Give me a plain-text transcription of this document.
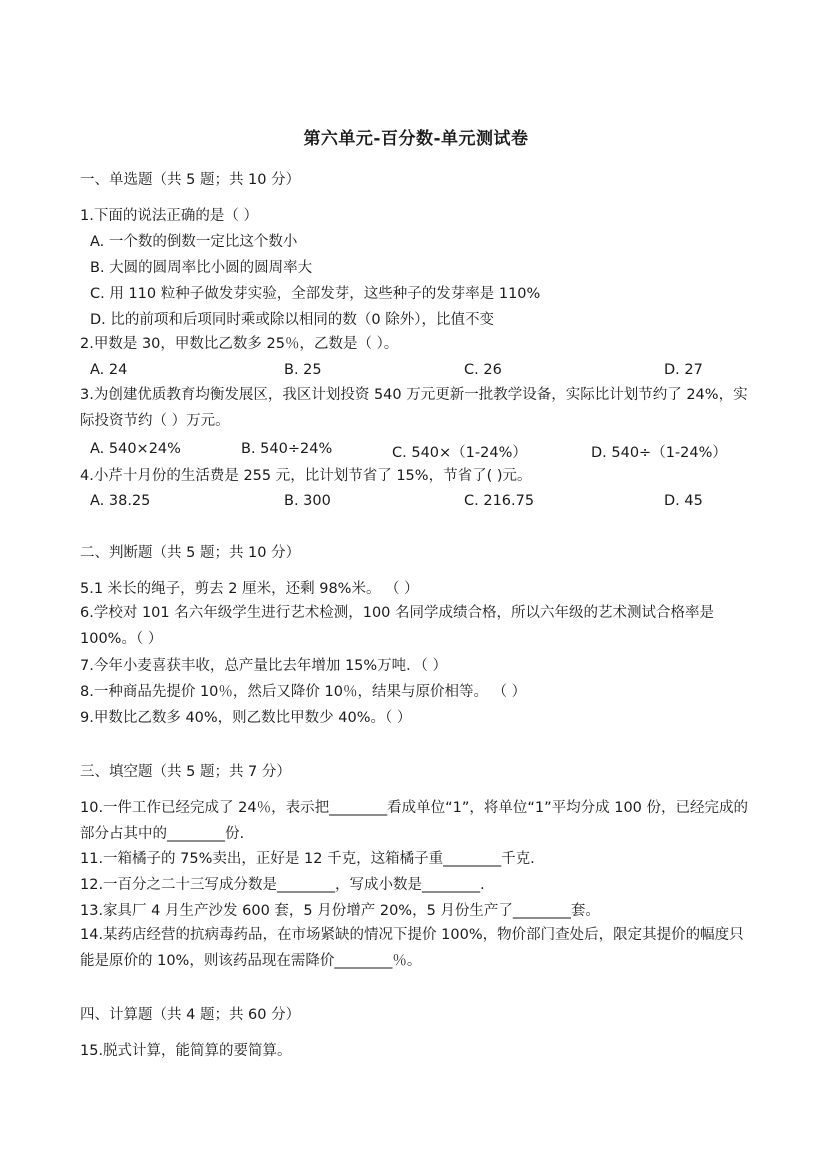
第六单元-百分数-单元测试卷
一、单选题（共 5 题；共 10 分）
1.下面的说法正确的是（ ）
A. 一个数的倒数一定比这个数小
B. 大圆的圆周率比小圆的圆周率大
C. 用 110 粒种子做发芽实验，全部发芽，这些种子的发芽率是 110%
D. 比的前项和后项同时乘或除以相同的数（0 除外），比值不变
2.甲数是 30，甲数比乙数多 25％，乙数是（ ）。
A. 24	B. 25	C. 26	D. 27
3.为创建优质教育均衡发展区，我区计划投资 540 万元更新一批教学设备，实际比计划节约了 24%，实际投资节约（ ）万元。
A. 540×24%	B. 540÷24%	C. 540×（1-24%）	D. 540÷（1-24%）
4.小芹十月份的生活费是 255 元，比计划节省了 15%，节省了( )元。
A. 38.25	B. 300	C. 216.75	D. 45
二、判断题（共 5 题；共 10 分）
5.1 米长的绳子，剪去 2 厘米，还剩 98%米。 （ ）
6.学校对 101 名六年级学生进行艺术检测，100 名同学成绩合格，所以六年级的艺术测试合格率是 100%。（ ）
7.今年小麦喜获丰收，总产量比去年增加 15%万吨．（ ）
8.一种商品先提价 10％，然后又降价 10％，结果与原价相等。 （ ）
9.甲数比乙数多 40%，则乙数比甲数少 40%。（ ）
三、填空题（共 5 题；共 7 分）
10.一件工作已经完成了 24％，表示把________看成单位“1”，将单位“1”平均分成 100 份，已经完成的部分占其中的________份.
11.一箱橘子的 75%卖出，正好是 12 千克，这箱橘子重________千克.
12.一百分之二十三写成分数是________，写成小数是________.
13.家具厂 4 月生产沙发 600 套，5 月份增产 20%，5 月份生产了________套。
14.某药店经营的抗病毒药品，在市场紧缺的情况下提价 100%，物价部门查处后，限定其提价的幅度只能是原价的 10%，则该药品现在需降价________％。
四、计算题（共 4 题；共 60 分）
15.脱式计算，能简算的要简算。
